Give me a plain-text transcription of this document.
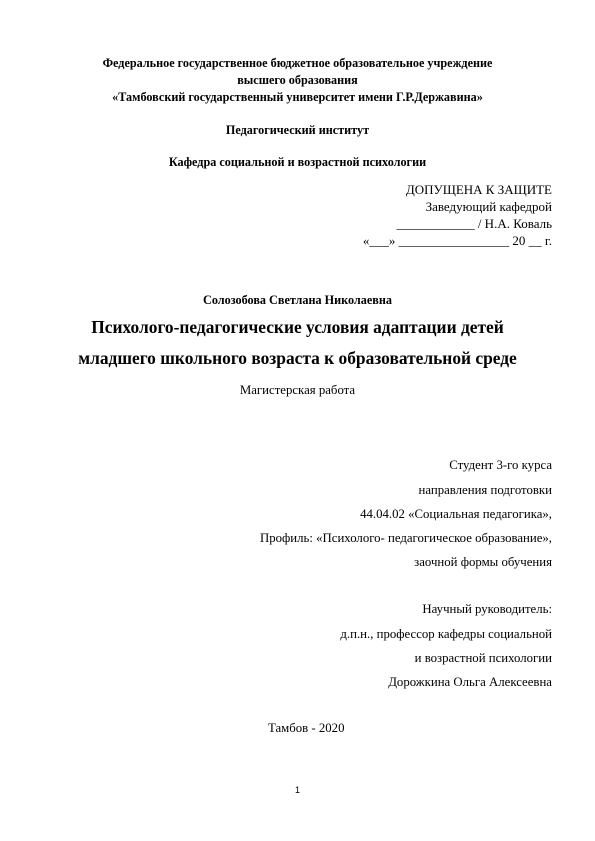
Федеральное государственное бюджетное образовательное учреждение
высшего образования
«Тамбовский государственный университет имени Г.Р.Державина»
Педагогический институт
Кафедра социальной и возрастной психологии
ДОПУЩЕНА К ЗАЩИТЕ
Заведующий кафедрой
____________ / Н.А. Коваль
«___» _________________ 20 __ г.
Солозобова Светлана Николаевна
Психолого-педагогические условия адаптации детей
младшего школьного возраста к образовательной среде
Магистерская работа
Студент 3-го курса
направления подготовки
44.04.02 «Социальная педагогика»,
Профиль: «Психолого- педагогическое образование»,
заочной формы обучения
Научный руководитель:
д.п.н., профессор кафедры социальной
и возрастной психологии
Дорожкина Ольга Алексеевна
Тамбов - 2020
1
